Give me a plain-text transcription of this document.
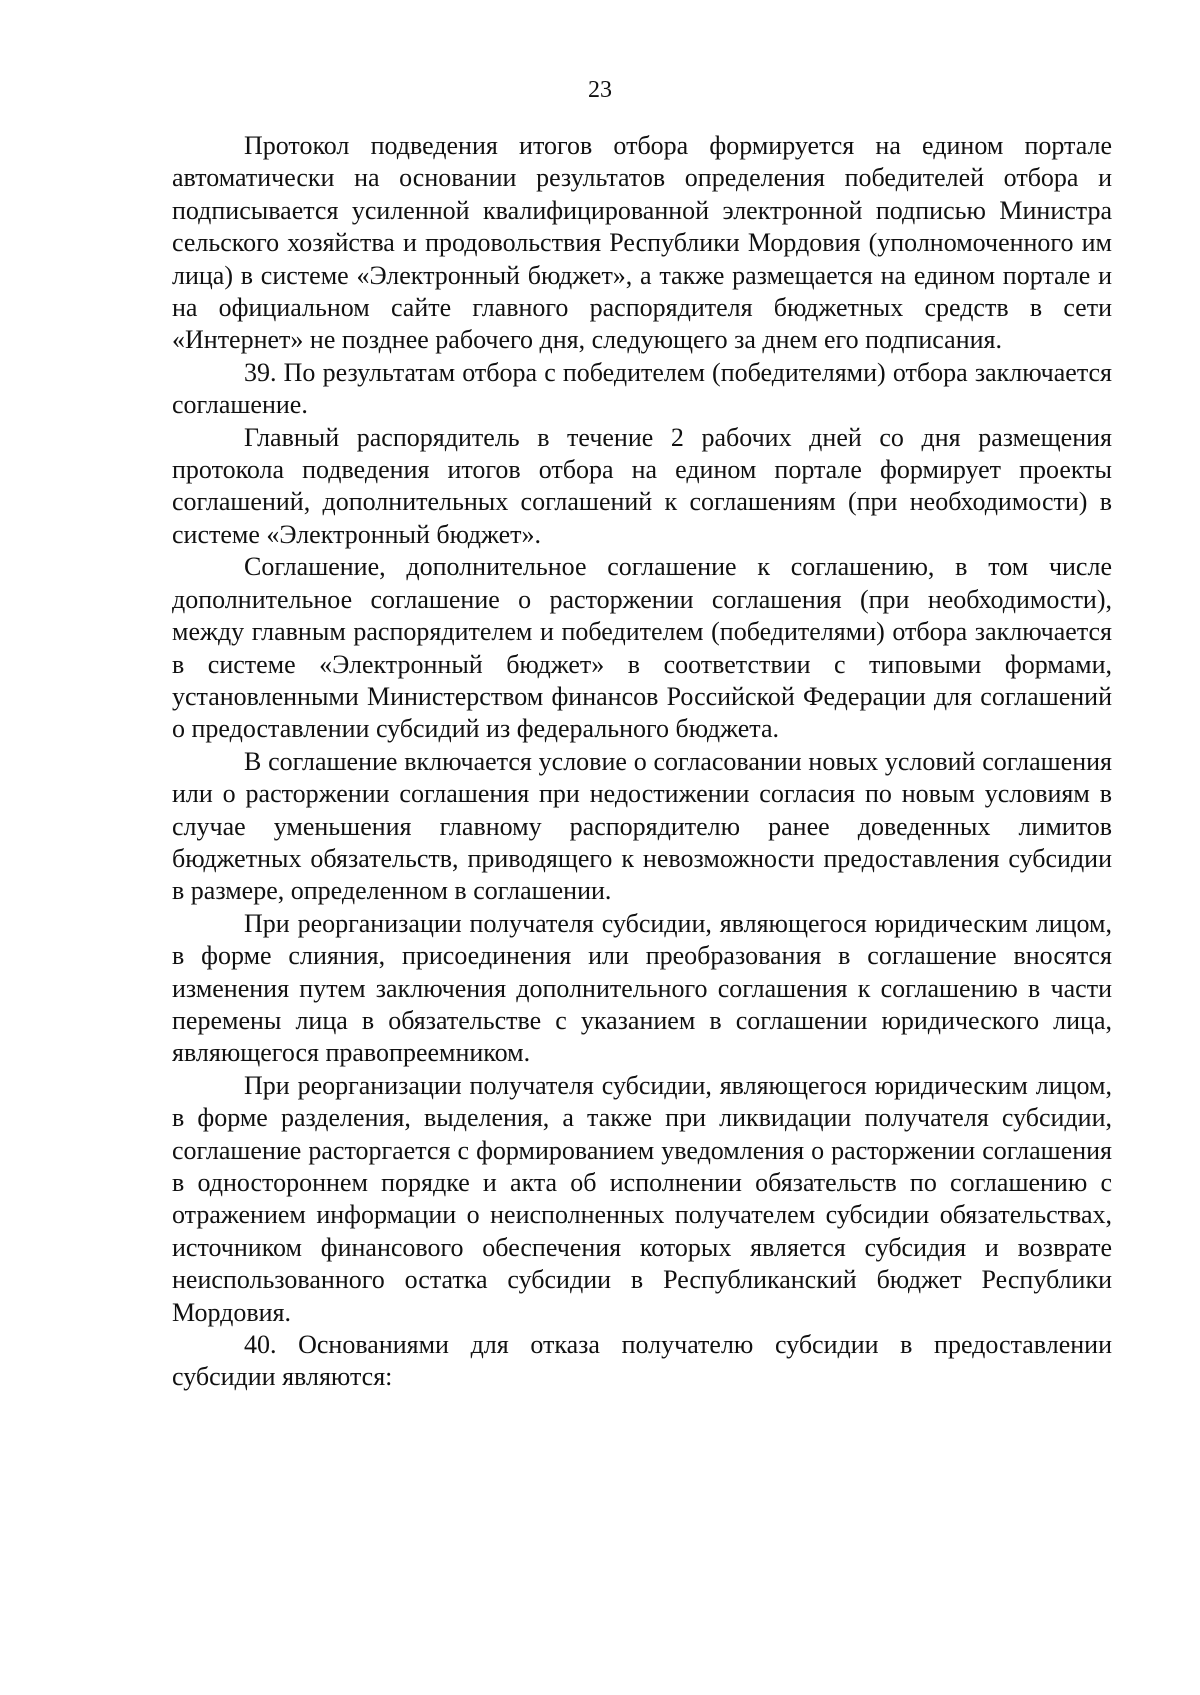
23

Протокол подведения итогов отбора формируется на едином портале автоматически на основании результатов определения победителей отбора и подписывается усиленной квалифицированной электронной подписью Министра сельского хозяйства и продовольствия Республики Мордовия (уполномоченного им лица) в системе «Электронный бюджет», а также размещается на едином портале и на официальном сайте главного распорядителя бюджетных средств в сети «Интернет» не позднее рабочего дня, следующего за днем его подписания.

39. По результатам отбора с победителем (победителями) отбора заключается соглашение.

Главный распорядитель в течение 2 рабочих дней со дня размещения протокола подведения итогов отбора на едином портале формирует проекты соглашений, дополнительных соглашений к соглашениям (при необходимости) в системе «Электронный бюджет».

Соглашение, дополнительное соглашение к соглашению, в том числе дополнительное соглашение о расторжении соглашения (при необходимости), между главным распорядителем и победителем (победителями) отбора заключается в системе «Электронный бюджет» в соответствии с типовыми формами, установленными Министерством финансов Российской Федерации для соглашений о предоставлении субсидий из федерального бюджета.

В соглашение включается условие о согласовании новых условий соглашения или о расторжении соглашения при недостижении согласия по новым условиям в случае уменьшения главному распорядителю ранее доведенных лимитов бюджетных обязательств, приводящего к невозможности предоставления субсидии в размере, определенном в соглашении.

При реорганизации получателя субсидии, являющегося юридическим лицом, в форме слияния, присоединения или преобразования в соглашение вносятся изменения путем заключения дополнительного соглашения к соглашению в части перемены лица в обязательстве с указанием в соглашении юридического лица, являющегося правопреемником.

При реорганизации получателя субсидии, являющегося юридическим лицом, в форме разделения, выделения, а также при ликвидации получателя субсидии, соглашение расторгается с формированием уведомления о расторжении соглашения в одностороннем порядке и акта об исполнении обязательств по соглашению с отражением информации о неисполненных получателем субсидии обязательствах, источником финансового обеспечения которых является субсидия и возврате неиспользованного остатка субсидии в Республиканский бюджет Республики Мордовия.

40. Основаниями для отказа получателю субсидии в предоставлении субсидии являются:
